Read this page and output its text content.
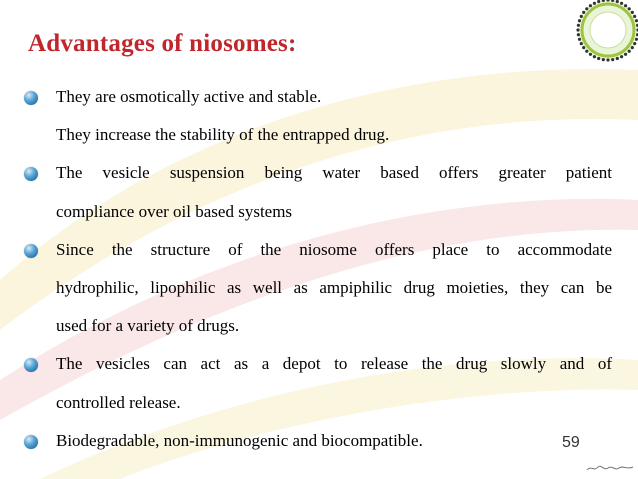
Advantages of niosomes:
They are osmotically active and stable.
They increase the stability of the entrapped drug.
The vesicle suspension being water based offers greater patient
compliance over oil based systems
Since the structure of the niosome offers place to accommodate
hydrophilic, lipophilic as well as ampiphilic drug moieties, they can be
used for a variety of drugs.
The vesicles can act as a depot to release the drug slowly and of
controlled release.
Biodegradable, non-immunogenic and biocompatible.	59
